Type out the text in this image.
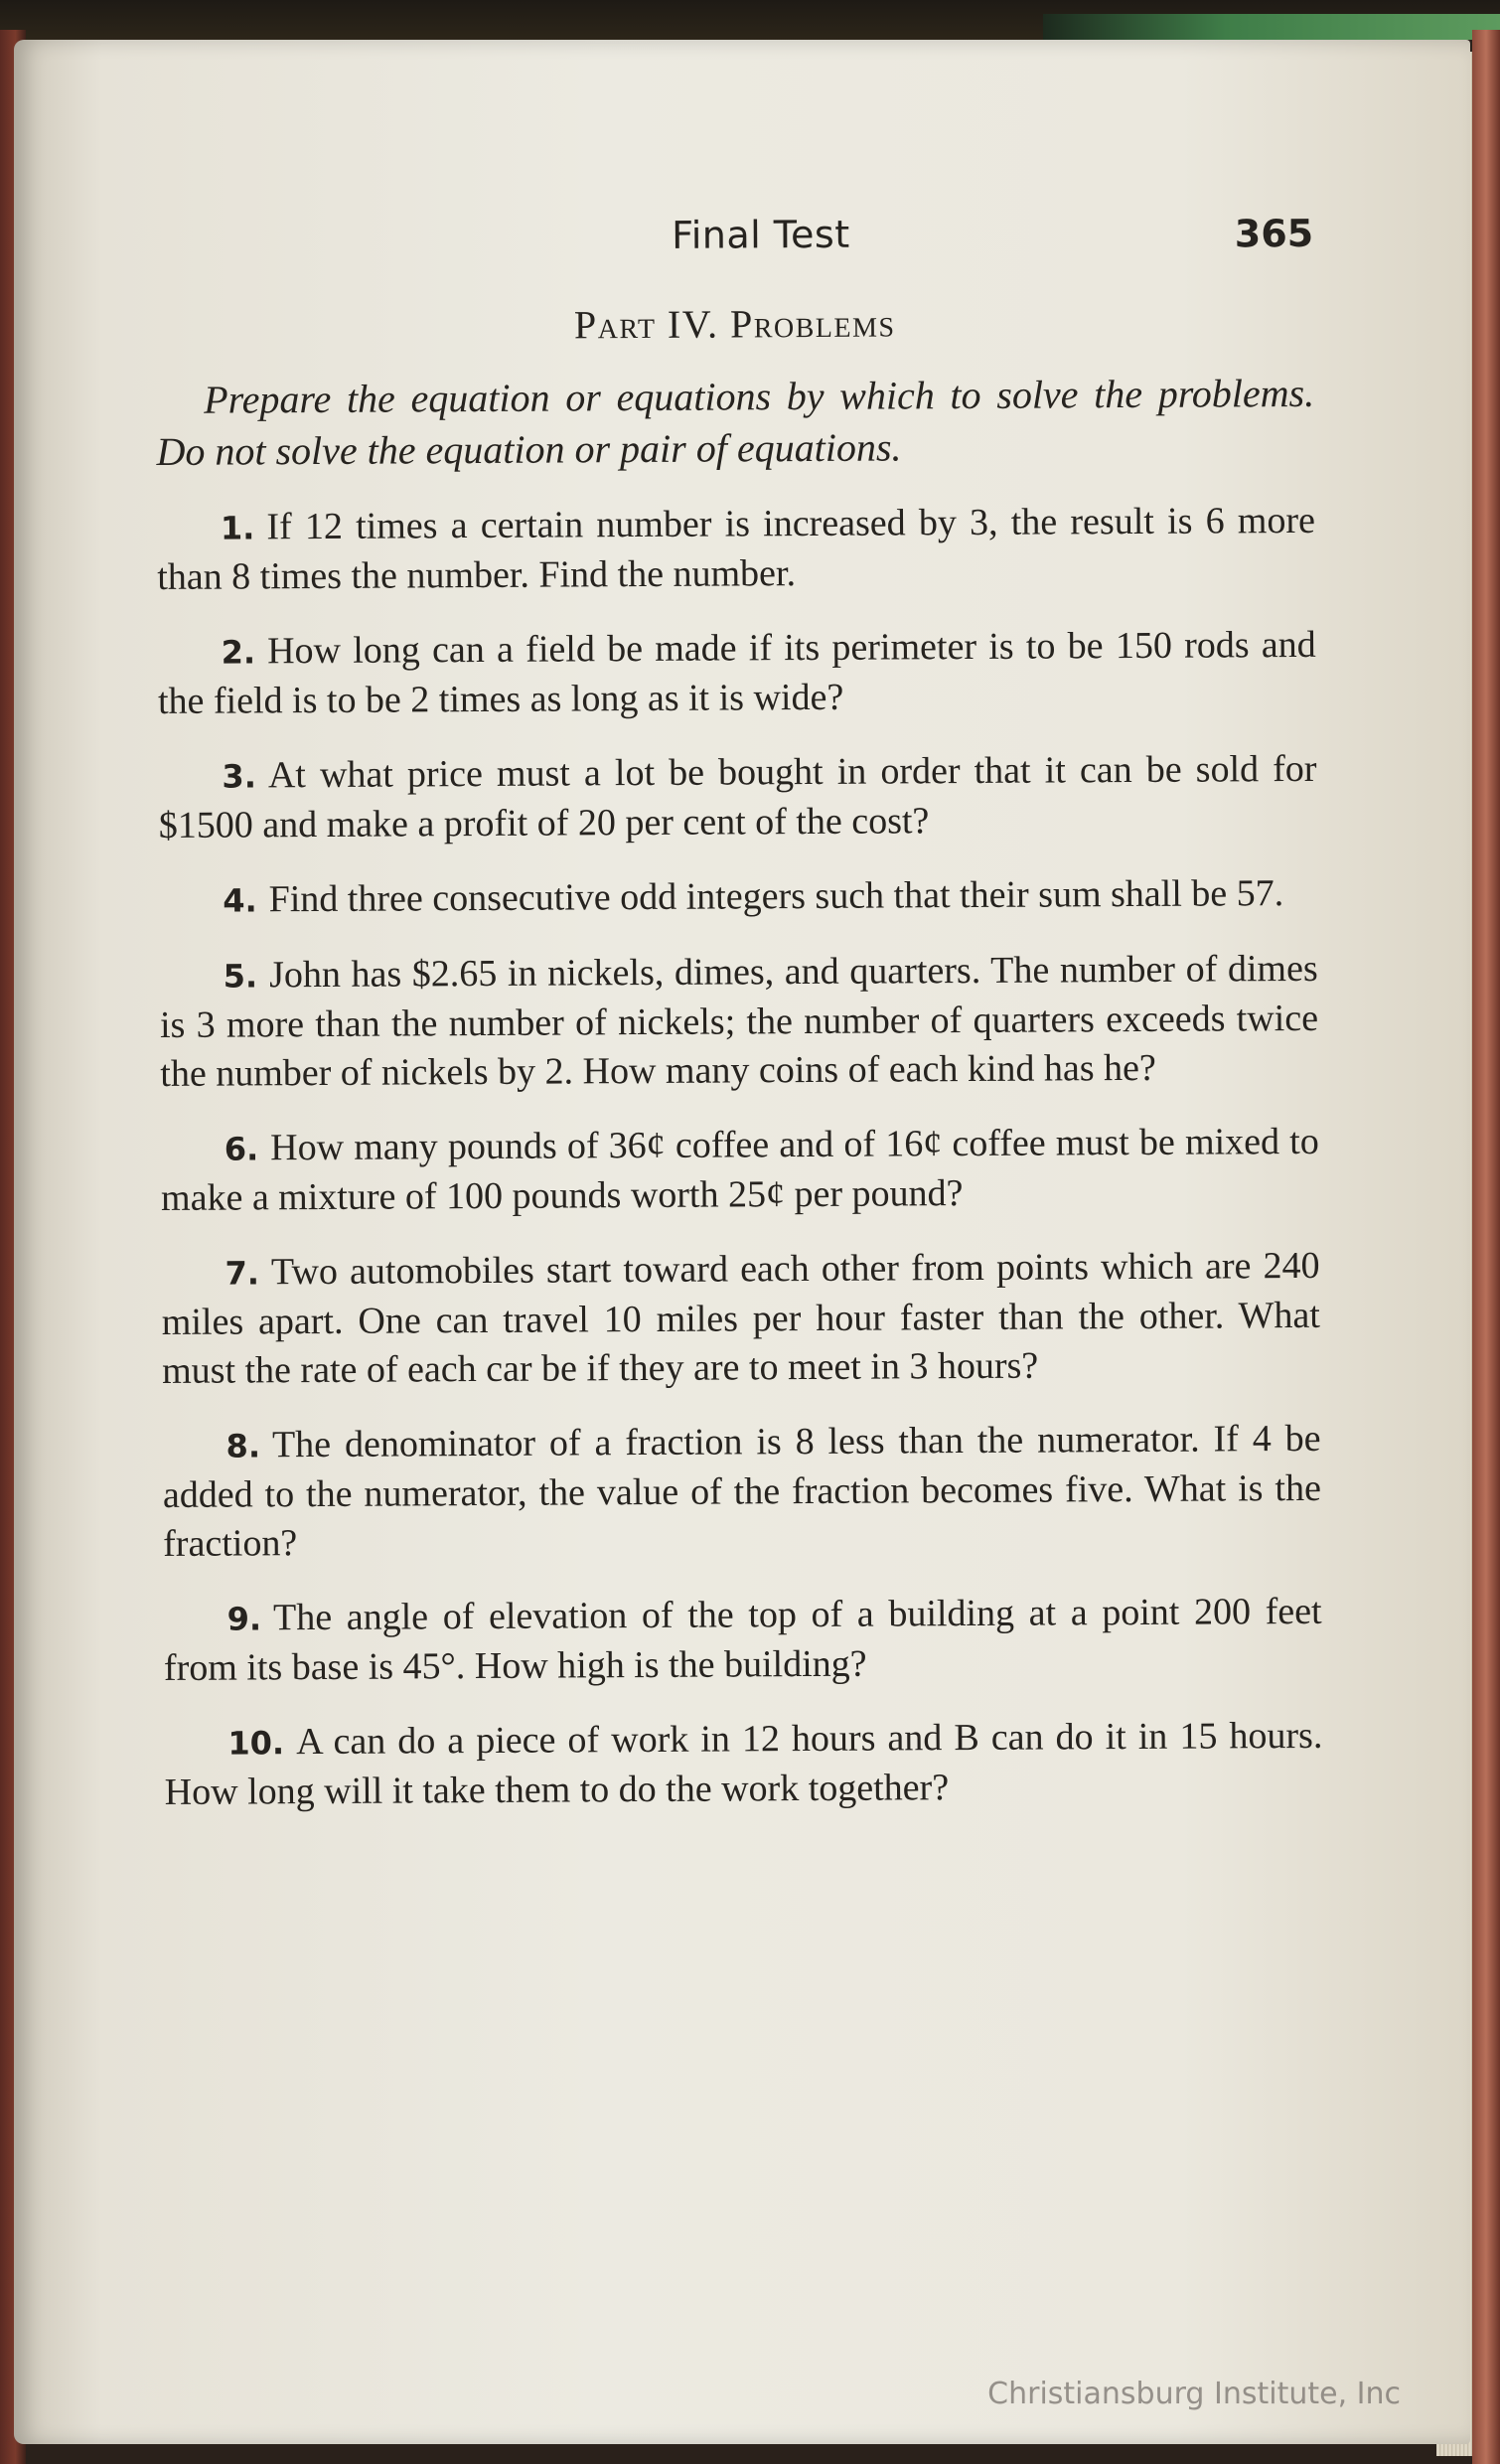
Final Test	365
Part IV. Problems
Prepare the equation or equations by which to solve the problems. Do not solve the equation or pair of equations.
1. If 12 times a certain number is increased by 3, the result is 6 more than 8 times the number. Find the number.
2. How long can a field be made if its perimeter is to be 150 rods and the field is to be 2 times as long as it is wide?
3. At what price must a lot be bought in order that it can be sold for $1500 and make a profit of 20 per cent of the cost?
4. Find three consecutive odd integers such that their sum shall be 57.
5. John has $2.65 in nickels, dimes, and quarters. The number of dimes is 3 more than the number of nickels; the number of quarters exceeds twice the number of nickels by 2. How many coins of each kind has he?
6. How many pounds of 36¢ coffee and of 16¢ coffee must be mixed to make a mixture of 100 pounds worth 25¢ per pound?
7. Two automobiles start toward each other from points which are 240 miles apart. One can travel 10 miles per hour faster than the other. What must the rate of each car be if they are to meet in 3 hours?
8. The denominator of a fraction is 8 less than the numerator. If 4 be added to the numerator, the value of the fraction becomes five. What is the fraction?
9. The angle of elevation of the top of a building at a point 200 feet from its base is 45°. How high is the building?
10. A can do a piece of work in 12 hours and B can do it in 15 hours. How long will it take them to do the work together?
Christiansburg Institute, Inc
